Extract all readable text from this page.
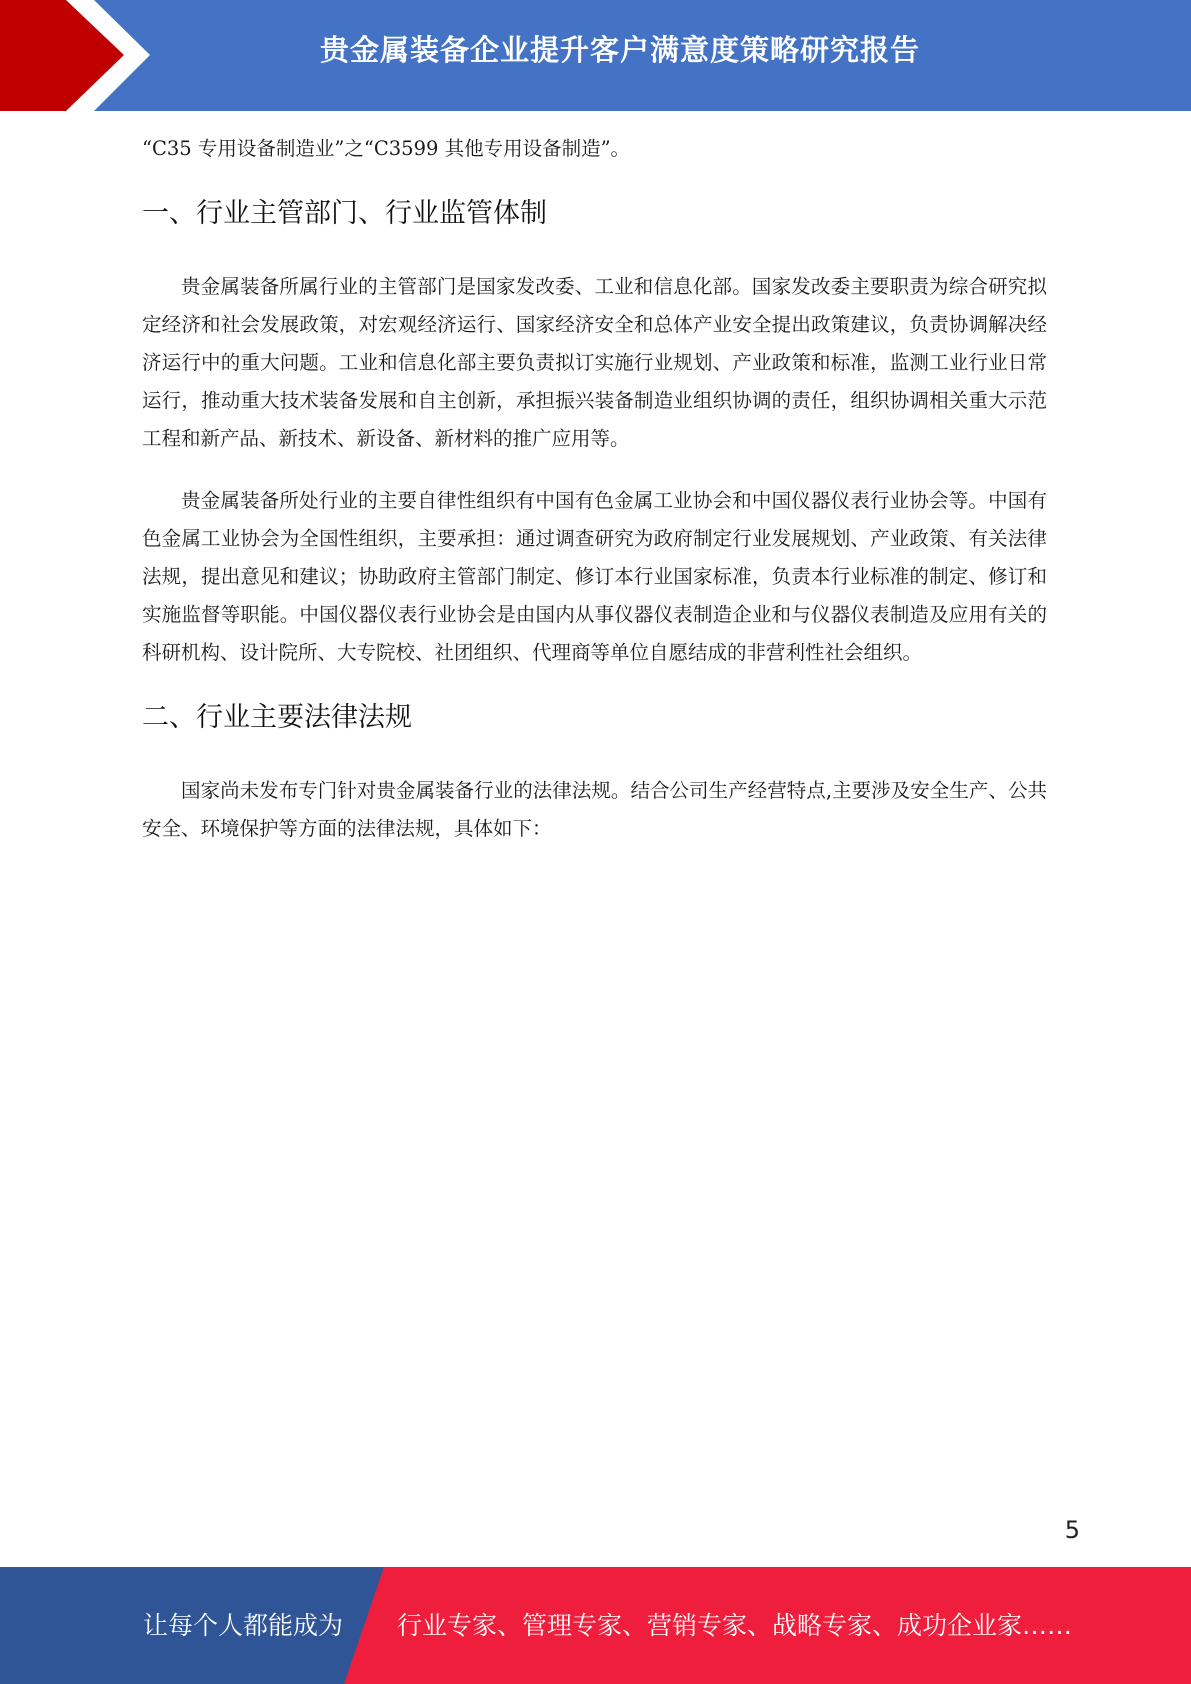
贵金属装备企业提升客户满意度策略研究报告

“C35 专用设备制造业”之“C3599 其他专用设备制造”。

一、行业主管部门、行业监管体制

贵金属装备所属行业的主管部门是国家发改委、工业和信息化部。国家发改委主要职责为综合研究拟定经济和社会发展政策，对宏观经济运行、国家经济安全和总体产业安全提出政策建议，负责协调解决经济运行中的重大问题。工业和信息化部主要负责拟订实施行业规划、产业政策和标准，监测工业行业日常运行，推动重大技术装备发展和自主创新，承担振兴装备制造业组织协调的责任，组织协调相关重大示范工程和新产品、新技术、新设备、新材料的推广应用等。

贵金属装备所处行业的主要自律性组织有中国有色金属工业协会和中国仪器仪表行业协会等。中国有色金属工业协会为全国性组织，主要承担：通过调查研究为政府制定行业发展规划、产业政策、有关法律法规，提出意见和建议；协助政府主管部门制定、修订本行业国家标准，负责本行业标准的制定、修订和实施监督等职能。中国仪器仪表行业协会是由国内从事仪器仪表制造企业和与仪器仪表制造及应用有关的科研机构、设计院所、大专院校、社团组织、代理商等单位自愿结成的非营利性社会组织。

二、行业主要法律法规

国家尚未发布专门针对贵金属装备行业的法律法规。结合公司生产经营特点,主要涉及安全生产、公共安全、环境保护等方面的法律法规，具体如下：

5
让每个人都能成为 行业专家、管理专家、营销专家、战略专家、成功企业家……
